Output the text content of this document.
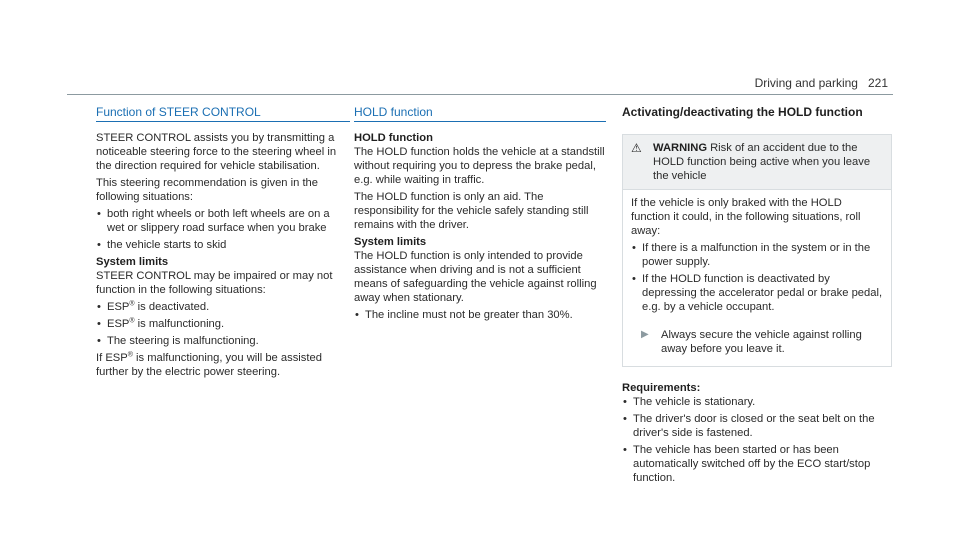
Driving and parking 221
Function of STEER CONTROL

STEER CONTROL assists you by transmitting a noticeable steering force to the steering wheel in the direction required for vehicle stabilisation.

This steering recommendation is given in the following situations:

• both right wheels or both left wheels are on a wet or slippery road surface when you brake
• the vehicle starts to skid
System limits

STEER CONTROL may be impaired or may not function in the following situations:

• ESP® is deactivated.
• ESP® is malfunctioning.
• The steering is malfunctioning.

If ESP® is malfunctioning, you will be assisted further by the electric power steering.

HOLD function
HOLD function

The HOLD function holds the vehicle at a standstill without requiring you to depress the brake pedal, e.g. while waiting in traffic.

The HOLD function is only an aid. The responsibility for the vehicle safely standing still remains with the driver.

System limits

The HOLD function is only intended to provide assistance when driving and is not a sufficient means of safeguarding the vehicle against rolling away when stationary.

• The incline must not be greater than 30%.
Activating/deactivating the HOLD function
⚠ WARNING Risk of an accident due to the HOLD function being active when you leave the vehicle

If the vehicle is only braked with the HOLD function it could, in the following situations, roll away:

• If there is a malfunction in the system or in the power supply.
• If the HOLD function is deactivated by depressing the accelerator pedal or brake pedal, e.g. by a vehicle occupant.
▶ Always secure the vehicle against rolling away before you leave it.
Requirements:
• The vehicle is stationary.
• The driver's door is closed or the seat belt on the driver's side is fastened.
• The vehicle has been started or has been automatically switched off by the ECO start/stop function.
